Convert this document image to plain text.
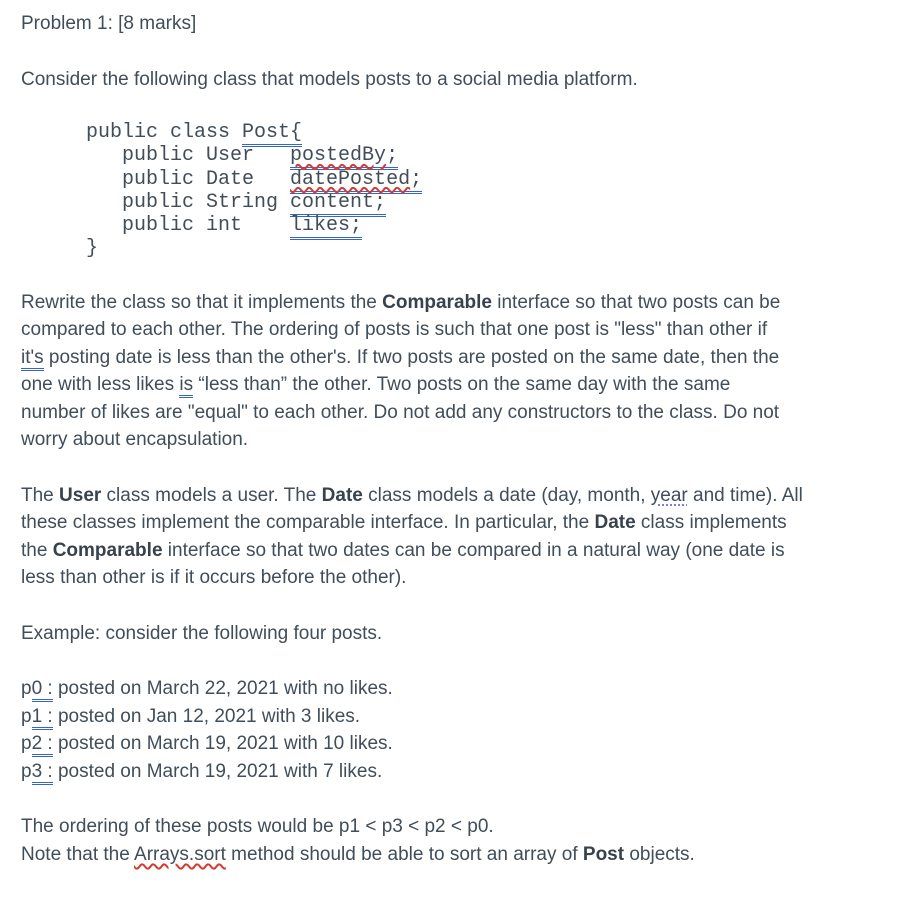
Problem 1: [8 marks]
Consider the following class that models posts to a social media platform.
public class Post{
public User   postedBy;
public Date   datePosted;
public String content;
public int    likes;
}
Rewrite the class so that it implements the Comparable interface so that two posts can be
compared to each other. The ordering of posts is such that one post is "less" than other if
it's posting date is less than the other's. If two posts are posted on the same date, then the
one with less likes is “less than” the other. Two posts on the same day with the same
number of likes are "equal" to each other. Do not add any constructors to the class. Do not
worry about encapsulation.
The User class models a user. The Date class models a date (day, month, year and time). All
these classes implement the comparable interface. In particular, the Date class implements
the Comparable interface so that two dates can be compared in a natural way (one date is
less than other is if it occurs before the other).
Example: consider the following four posts.
p0 : posted on March 22, 2021 with no likes.
p1 : posted on Jan 12, 2021 with 3 likes.
p2 : posted on March 19, 2021 with 10 likes.
p3 : posted on March 19, 2021 with 7 likes.
The ordering of these posts would be p1 < p3 < p2 < p0.
Note that the Arrays.sort method should be able to sort an array of Post objects.
